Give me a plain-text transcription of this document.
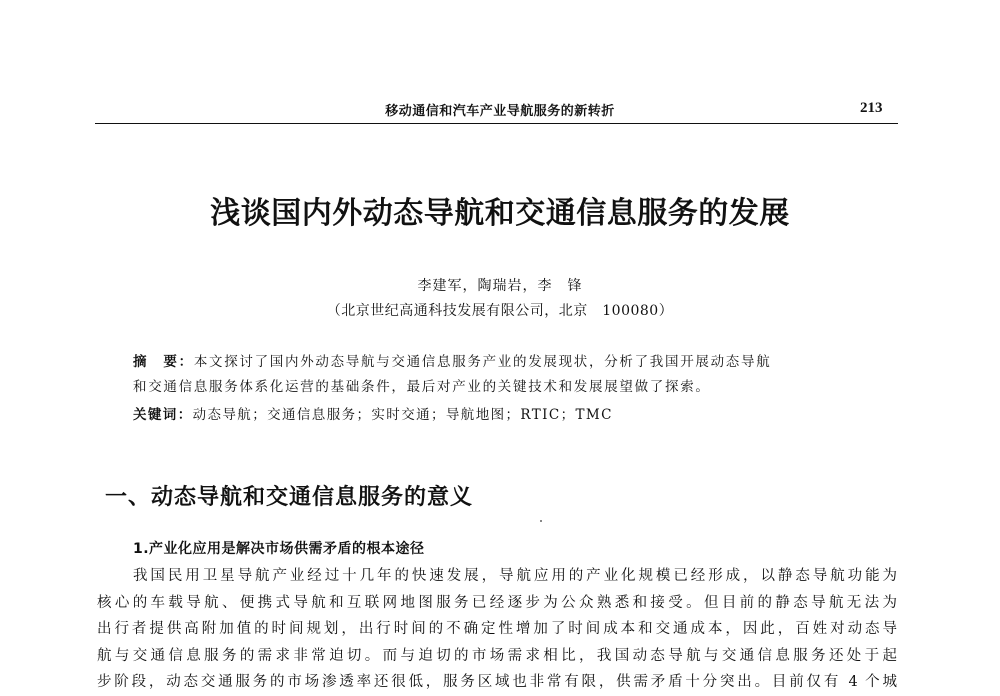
移动通信和汽车产业导航服务的新转折	213
浅谈国内外动态导航和交通信息服务的发展
李建军，陶瑞岩，李　锋
（北京世纪高通科技发展有限公司，北京　100080）

摘　要：本文探讨了国内外动态导航与交通信息服务产业的发展现状，分析了我国开展动态导航

和交通信息服务体系化运营的基础条件，最后对产业的关键技术和发展展望做了探索。

关键词：动态导航；交通信息服务；实时交通；导航地图；RTIC；TMC
一、动态导航和交通信息服务的意义
1.产业化应用是解决市场供需矛盾的根本途径

我国民用卫星导航产业经过十几年的快速发展，导航应用的产业化规模已经形成，以静态导航功能为

核心的车载导航、便携式导航和互联网地图服务已经逐步为公众熟悉和接受。但目前的静态导航无法为

出行者提供高附加值的时间规划，出行时间的不确定性增加了时间成本和交通成本，因此，百姓对动态导

航与交通信息服务的需求非常迫切。而与迫切的市场需求相比，我国动态导航与交通信息服务还处于起

步阶段，动态交通服务的市场渗透率还很低，服务区域也非常有限，供需矛盾十分突出。目前仅有 4 个城
